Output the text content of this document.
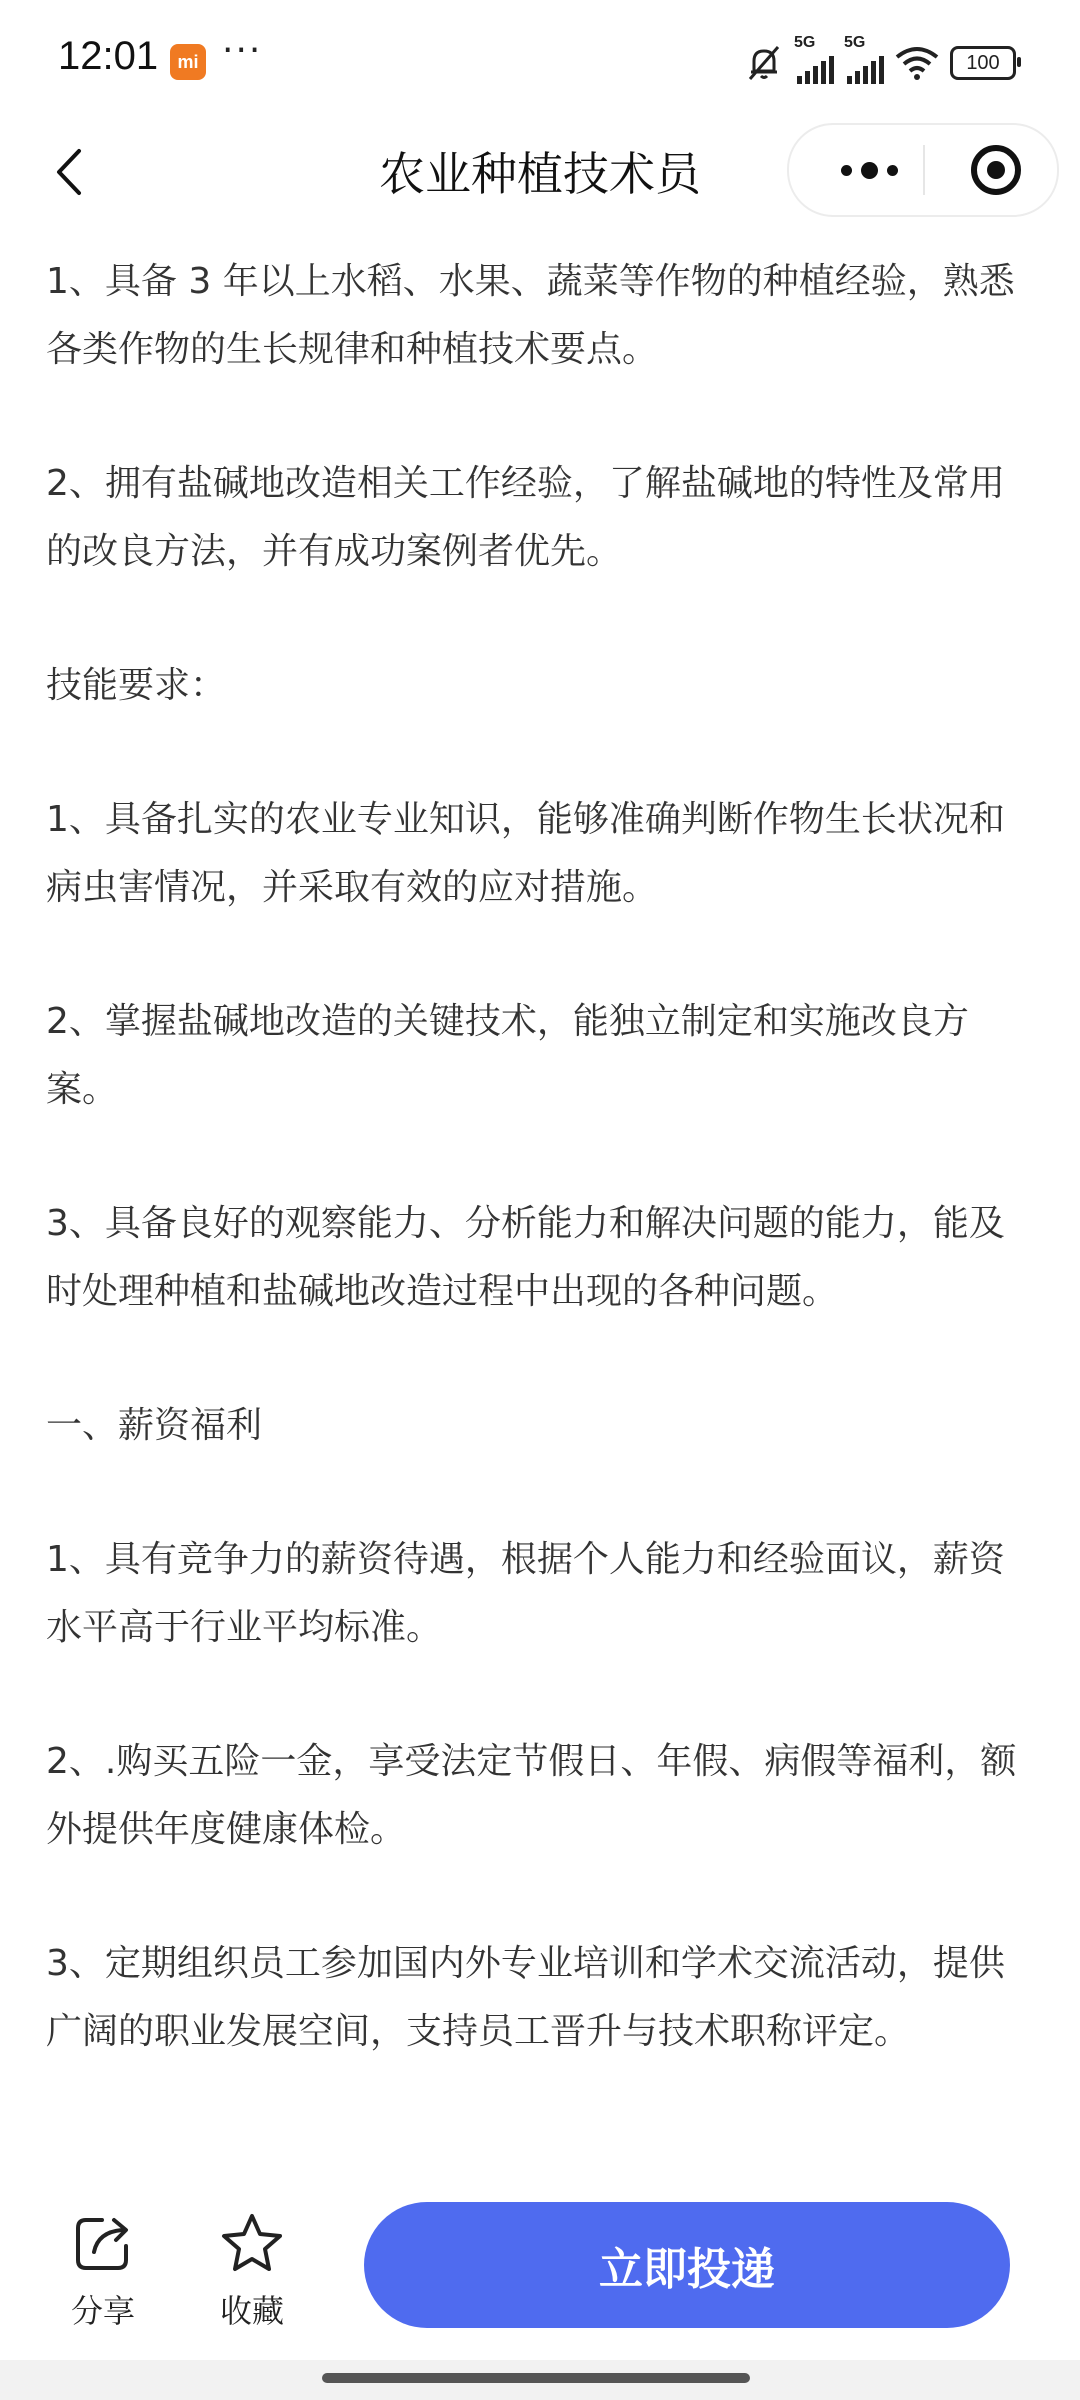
12:01	mi ···	5G 5G
100
农业种植技术员

1、具备 3 年以上水稻、水果、蔬菜等作物的种植经验，熟悉各类作物的生长规律和种植技术要点。

2、拥有盐碱地改造相关工作经验，了解盐碱地的特性及常用的改良方法，并有成功案例者优先。

技能要求：

1、具备扎实的农业专业知识，能够准确判断作物生长状况和病虫害情况，并采取有效的应对措施。

2、掌握盐碱地改造的关键技术，能独立制定和实施改良方案。

3、具备良好的观察能力、分析能力和解决问题的能力，能及时处理种植和盐碱地改造过程中出现的各种问题。

一、薪资福利

1、具有竞争力的薪资待遇，根据个人能力和经验面议，薪资水平高于行业平均标准。

2、.购买五险一金，享受法定节假日、年假、病假等福利，额外提供年度健康体检。

3、定期组织员工参加国内外专业培训和学术交流活动，提供广阔的职业发展空间，支持员工晋升与技术职称评定。

分享	收藏
立即投递
